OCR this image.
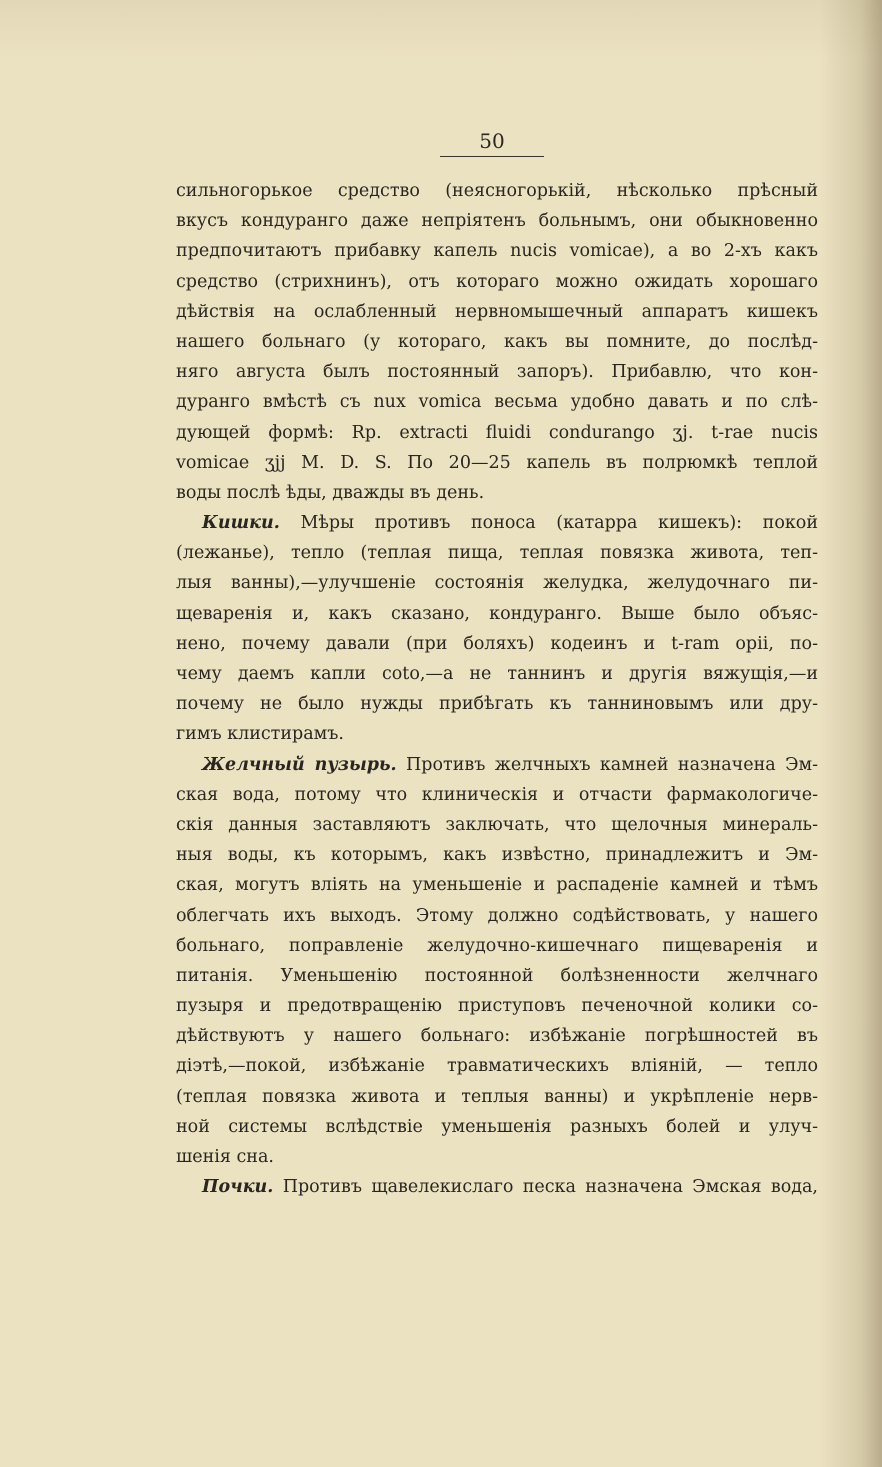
50
сильногорькое средство (неясногорькiй, нѣсколько прѣсный
вкусъ кондуранго даже непрiятенъ больнымъ, они обыкновенно
предпочитаютъ прибавку капель nucis vomicae), а во 2-хъ какъ
средство (стрихнинъ), отъ котораго можно ожидать хорошаго
дѣйствiя на ослабленный нервномышечный аппаратъ кишекъ
нашего больнаго (у котораго, какъ вы помните, до послѣд-
няго августа былъ постоянный запоръ). Прибавлю, что кон-
дуранго вмѣстѣ съ nux vomica весьма удобно давать и по слѣ-
дующей формѣ: Rp. extracti fluidi condurango ʒj. t-rae nucis
vomicae ʒjj M. D. S. По 20—25 капель въ полрюмкѣ теплой
воды послѣ ѣды, дважды въ день.
Кишки. Мѣры противъ поноса (катарра кишекъ): покой
(лежанье), тепло (теплая пища, теплая повязка живота, теп-
лыя ванны),—улучшенiе состоянiя желудка, желудочнаго пи-
щеваренiя и, какъ сказано, кондуранго. Выше было объяс-
нено, почему давали (при боляхъ) кодеинъ и t-ram opii, по-
чему даемъ капли coto,—а не таннинъ и другiя вяжущiя,—и
почему не было нужды прибѣгать къ танниновымъ или дру-
гимъ клистирамъ.
Желчный пузырь. Противъ желчныхъ камней назначена Эм-
ская вода, потому что клиническiя и отчасти фармакологиче-
скiя данныя заставляютъ заключать, что щелочныя минераль-
ныя воды, къ которымъ, какъ извѣстно, принадлежитъ и Эм-
ская, могутъ влiять на уменьшенiе и распаденiе камней и тѣмъ
облегчать ихъ выходъ. Этому должно содѣйствовать, у нашего
больнаго, поправленiе желудочно-кишечнаго пищеваренiя и
питанiя. Уменьшенiю постоянной болѣзненности желчнаго
пузыря и предотвращенiю приступовъ печеночной колики со-
дѣйствуютъ у нашего больнаго: избѣжанiе погрѣшностей въ
дiэтѣ,—покой, избѣжанiе травматическихъ влiянiй, — тепло
(теплая повязка живота и теплыя ванны) и укрѣпленiе нерв-
ной системы вслѣдствiе уменьшенiя разныхъ болей и улуч-
шенiя сна.
Почки. Противъ щавелекислаго песка назначена Эмская вода,
